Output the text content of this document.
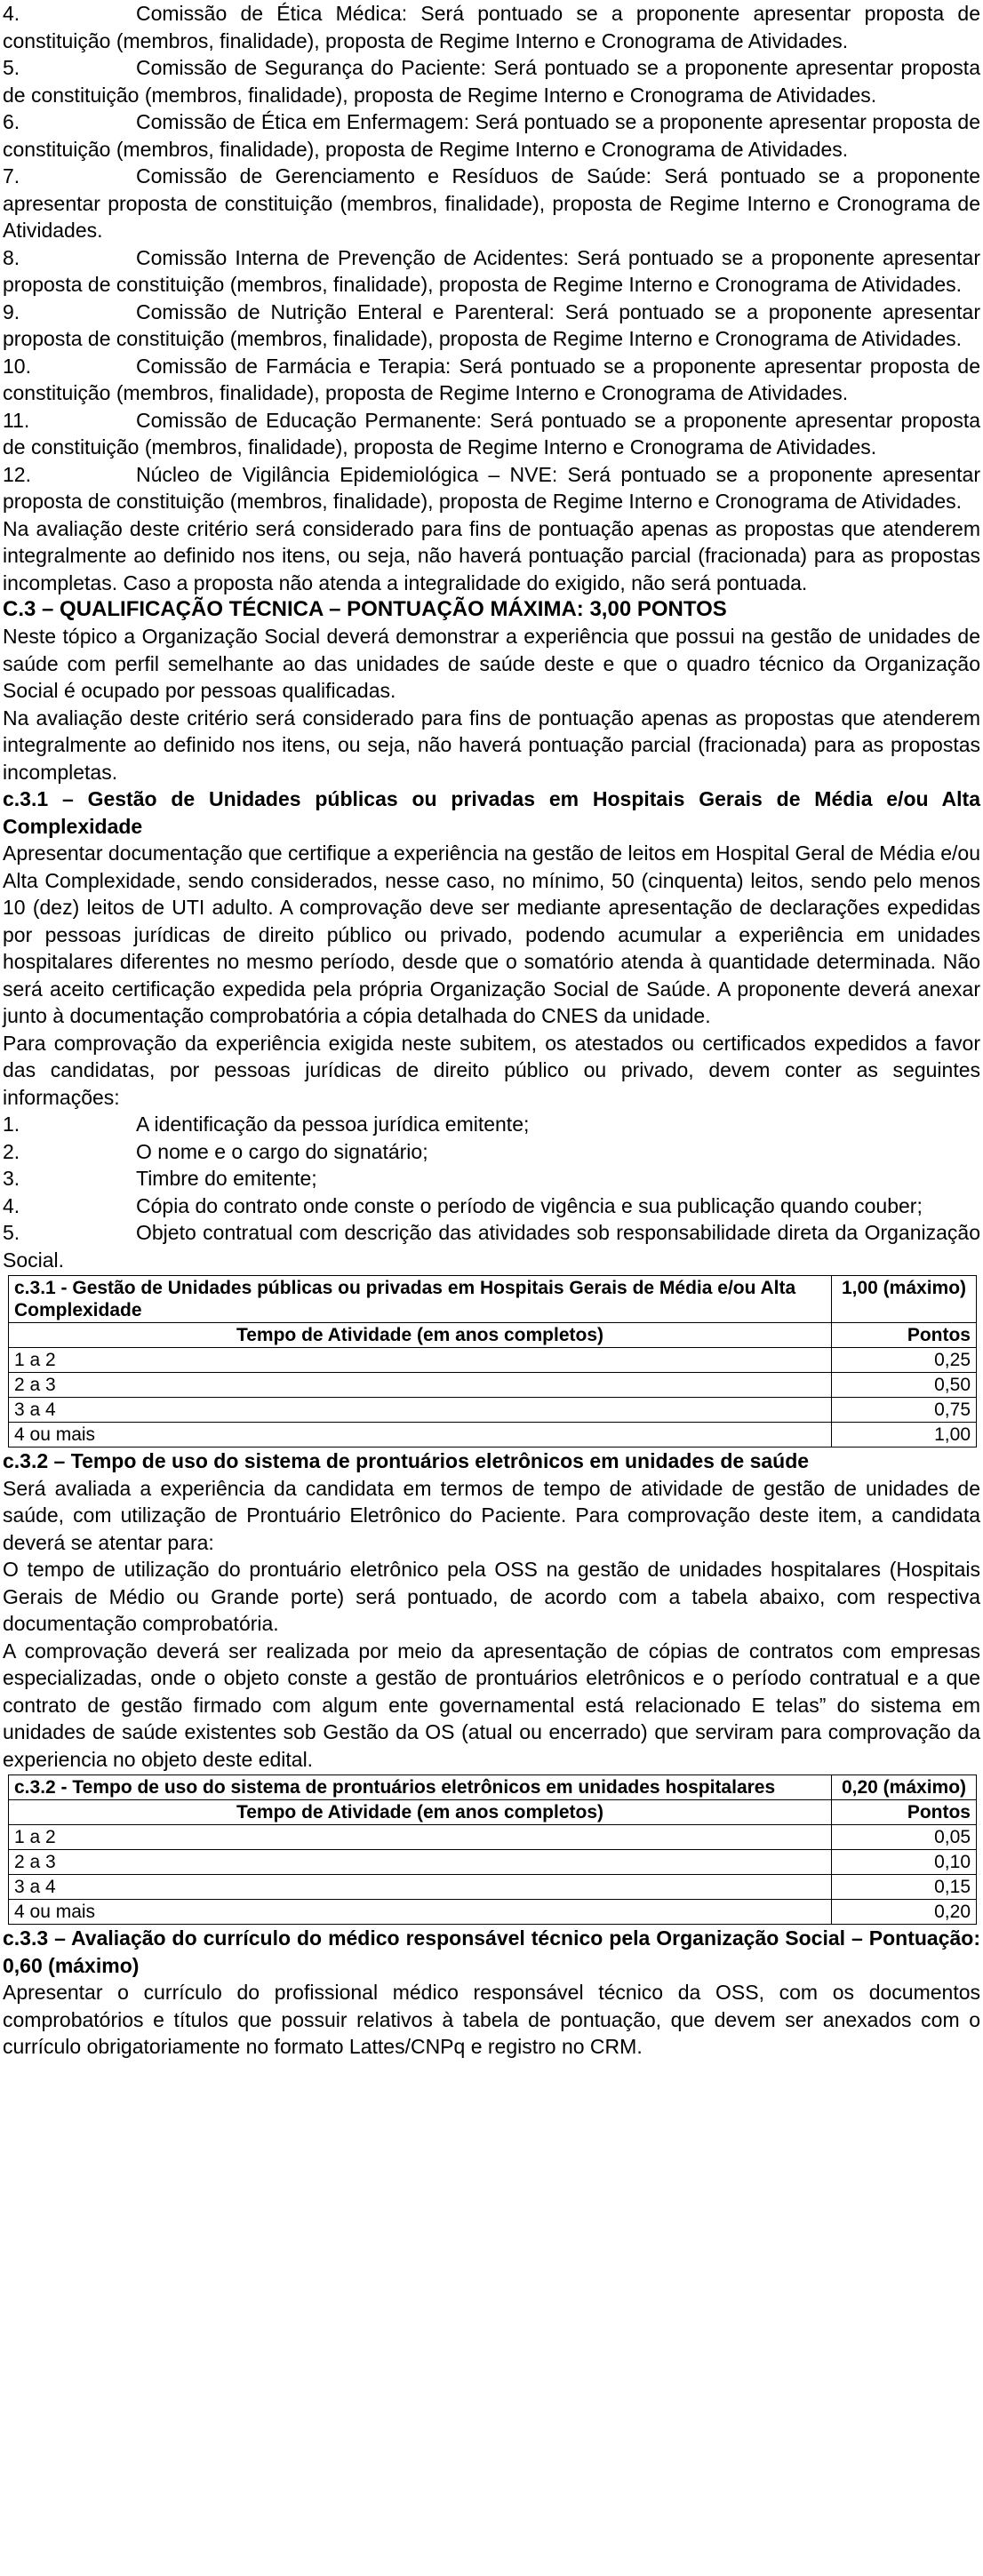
4.	Comissão de Ética Médica: Será pontuado se a proponente apresentar proposta de constituição (membros, finalidade), proposta de Regime Interno e Cronograma de Atividades.

5.	Comissão de Segurança do Paciente: Será pontuado se a proponente apresentar proposta de constituição (membros, finalidade), proposta de Regime Interno e Cronograma de Atividades.

6.	Comissão de Ética em Enfermagem: Será pontuado se a proponente apresentar proposta de constituição (membros, finalidade), proposta de Regime Interno e Cronograma de Atividades.

7.	Comissão de Gerenciamento e Resíduos de Saúde: Será pontuado se a proponente apresentar proposta de constituição (membros, finalidade), proposta de Regime Interno e Cronograma de Atividades.

8.	Comissão Interna de Prevenção de Acidentes: Será pontuado se a proponente apresentar proposta de constituição (membros, finalidade), proposta de Regime Interno e Cronograma de Atividades.

9.	Comissão de Nutrição Enteral e Parenteral: Será pontuado se a proponente apresentar proposta de constituição (membros, finalidade), proposta de Regime Interno e Cronograma de Atividades.

10.	Comissão de Farmácia e Terapia: Será pontuado se a proponente apresentar proposta de constituição (membros, finalidade), proposta de Regime Interno e Cronograma de Atividades.

11.	Comissão de Educação Permanente: Será pontuado se a proponente apresentar proposta de constituição (membros, finalidade), proposta de Regime Interno e Cronograma de Atividades.

12.	Núcleo de Vigilância Epidemiológica – NVE: Será pontuado se a proponente apresentar proposta de constituição (membros, finalidade), proposta de Regime Interno e Cronograma de Atividades.

Na avaliação deste critério será considerado para fins de pontuação apenas as propostas que atenderem integralmente ao definido nos itens, ou seja, não haverá pontuação parcial (fracionada) para as propostas incompletas. Caso a proposta não atenda a integralidade do exigido, não será pontuada.

C.3 – QUALIFICAÇÃO TÉCNICA – PONTUAÇÃO MÁXIMA: 3,00 PONTOS

Neste tópico a Organização Social deverá demonstrar a experiência que possui na gestão de unidades de saúde com perfil semelhante ao das unidades de saúde deste e que o quadro técnico da Organização Social é ocupado por pessoas qualificadas.

Na avaliação deste critério será considerado para fins de pontuação apenas as propostas que atenderem integralmente ao definido nos itens, ou seja, não haverá pontuação parcial (fracionada) para as propostas incompletas.

c.3.1 – Gestão de Unidades públicas ou privadas em Hospitais Gerais de Média e/ou Alta Complexidade

Apresentar documentação que certifique a experiência na gestão de leitos em Hospital Geral de Média e/ou Alta Complexidade, sendo considerados, nesse caso, no mínimo, 50 (cinquenta) leitos, sendo pelo menos 10 (dez) leitos de UTI adulto. A comprovação deve ser mediante apresentação de declarações expedidas por pessoas jurídicas de direito público ou privado, podendo acumular a experiência em unidades hospitalares diferentes no mesmo período, desde que o somatório atenda à quantidade determinada. Não será aceito certificação expedida pela própria Organização Social de Saúde. A proponente deverá anexar junto à documentação comprobatória a cópia detalhada do CNES da unidade.

Para comprovação da experiência exigida neste subitem, os atestados ou certificados expedidos a favor das candidatas, por pessoas jurídicas de direito público ou privado, devem conter as seguintes informações:

1.	A identificação da pessoa jurídica emitente;

2.	O nome e o cargo do signatário;

3.	Timbre do emitente;

4.	Cópia do contrato onde conste o período de vigência e sua publicação quando couber;

5.	Objeto contratual com descrição das atividades sob responsabilidade direta da Organização Social.

c.3.1 - Gestão de Unidades públicas ou privadas em Hospitais Gerais de Média e/ou Alta Complexidade	1,00 (máximo)
Tempo de Atividade (em anos completos)	Pontos
1 a 2	0,25
2 a 3	0,50
3 a 4	0,75
4 ou mais	1,00

c.3.2 – Tempo de uso do sistema de prontuários eletrônicos em unidades de saúde

Será avaliada a experiência da candidata em termos de tempo de atividade de gestão de unidades de saúde, com utilização de Prontuário Eletrônico do Paciente. Para comprovação deste item, a candidata deverá se atentar para:

O tempo de utilização do prontuário eletrônico pela OSS na gestão de unidades hospitalares (Hospitais Gerais de Médio ou Grande porte) será pontuado, de acordo com a tabela abaixo, com respectiva documentação comprobatória.

A comprovação deverá ser realizada por meio da apresentação de cópias de contratos com empresas especializadas, onde o objeto conste a gestão de prontuários eletrônicos e o período contratual e a que contrato de gestão firmado com algum ente governamental está relacionado E telas” do sistema em unidades de saúde existentes sob Gestão da OS (atual ou encerrado) que serviram para comprovação da experiencia no objeto deste edital.

c.3.2 - Tempo de uso do sistema de prontuários eletrônicos em unidades hospitalares	0,20 (máximo)
Tempo de Atividade (em anos completos)	Pontos
1 a 2	0,05
2 a 3	0,10
3 a 4	0,15
4 ou mais	0,20

c.3.3 – Avaliação do currículo do médico responsável técnico pela Organização Social – Pontuação: 0,60 (máximo)

Apresentar o currículo do profissional médico responsável técnico da OSS, com os documentos comprobatórios e títulos que possuir relativos à tabela de pontuação, que devem ser anexados com o currículo obrigatoriamente no formato Lattes/CNPq e registro no CRM.
